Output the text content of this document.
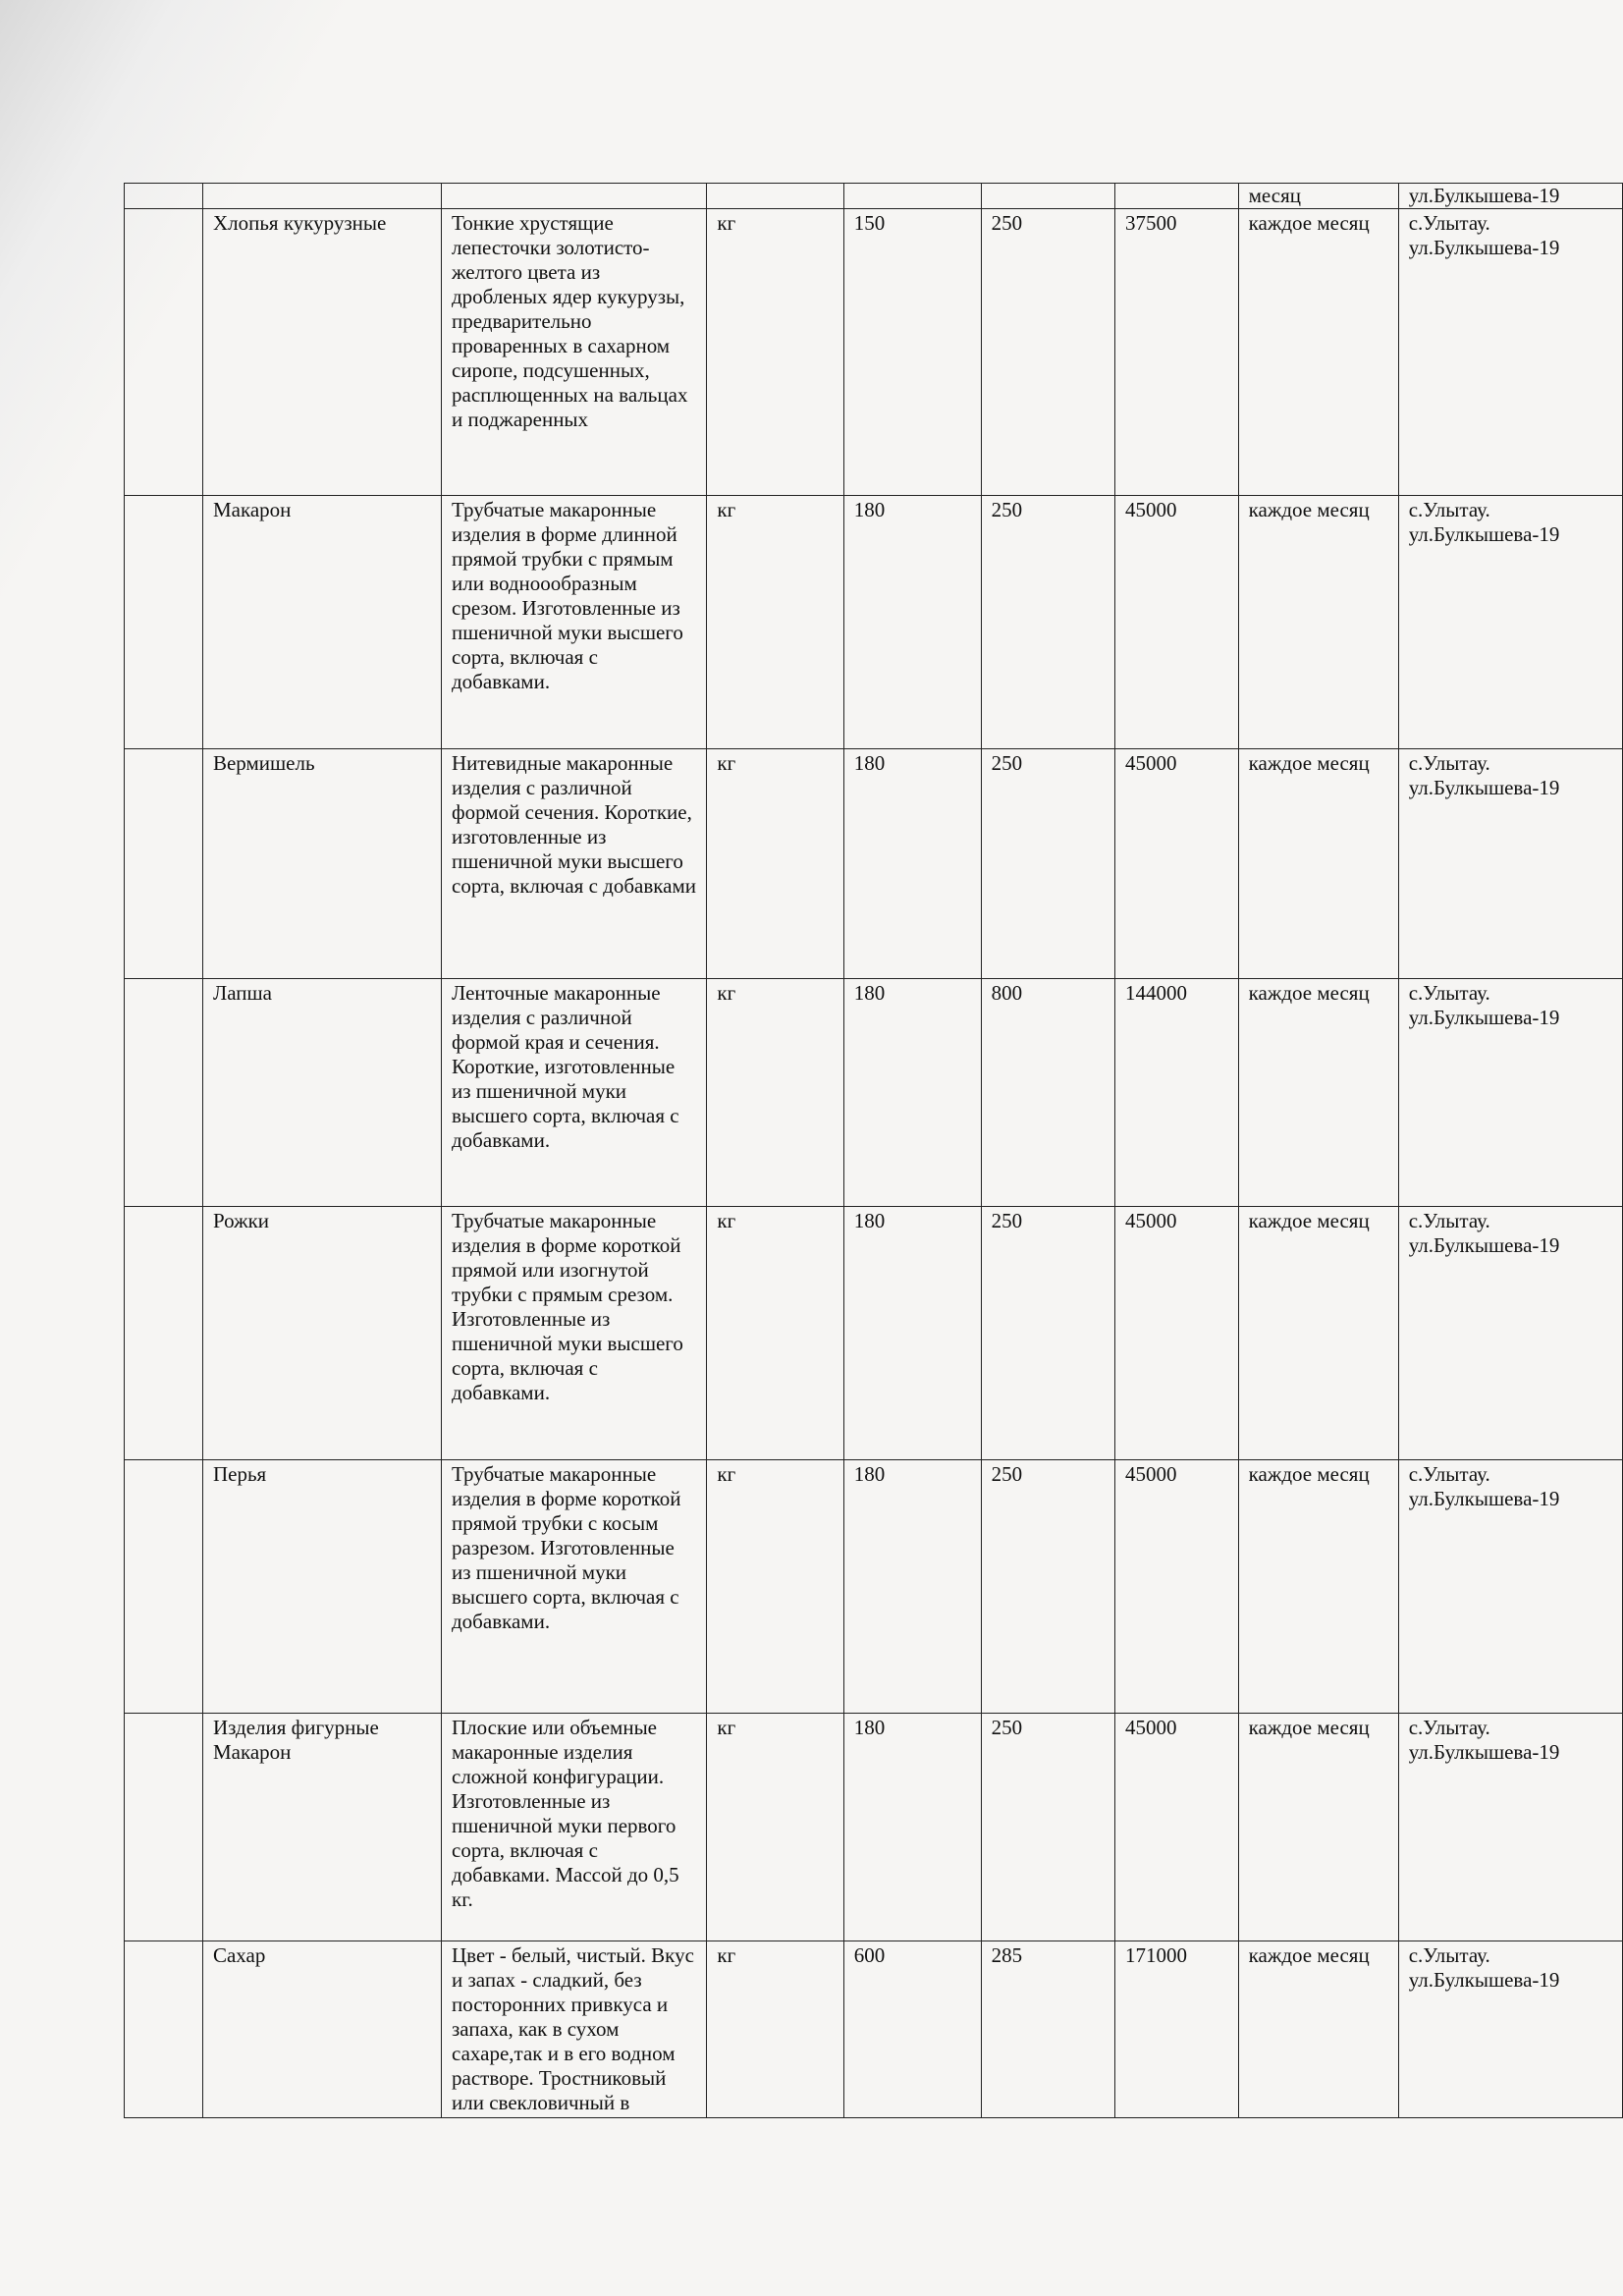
							месяц	ул.Булкышева-19
	Хлопья кукурузные	Тонкие хрустящие лепесточки золотисто-желтого цвета из дробленых ядер кукурузы, предварительно проваренных в сахарном сиропе, подсушенных, расплющенных на вальцах и поджаренных	кг	150	250	37500	каждое месяц	с.Улытау. ул.Булкышева-19
	Макарон	Трубчатые макаронные изделия в форме длинной прямой трубки с прямым или водноообразным срезом. Изготовленные из пшеничной муки высшего сорта, включая с добавками.	кг	180	250	45000	каждое месяц	с.Улытау. ул.Булкышева-19
	Вермишель	Нитевидные макаронные изделия с различной формой сечения. Короткие, изготовленные из пшеничной муки высшего сорта, включая с добавками	кг	180	250	45000	каждое месяц	с.Улытау. ул.Булкышева-19
	Лапша	Ленточные макаронные изделия с различной формой края и сечения. Короткие, изготовленные из пшеничной муки высшего сорта, включая с добавками.	кг	180	800	144000	каждое месяц	с.Улытау. ул.Булкышева-19
	Рожки	Трубчатые макаронные изделия в форме короткой прямой или изогнутой трубки с прямым срезом. Изготовленные из пшеничной муки высшего сорта, включая с добавками.	кг	180	250	45000	каждое месяц	с.Улытау. ул.Булкышева-19
	Перья	Трубчатые макаронные изделия в форме короткой прямой трубки с косым разрезом. Изготовленные из пшеничной муки высшего сорта, включая с добавками.	кг	180	250	45000	каждое месяц	с.Улытау. ул.Булкышева-19
	Изделия фигурные Макарон	Плоские или объемные макаронные изделия сложной конфигурации. Изготовленные из пшеничной муки первого сорта, включая с добавками. Массой до 0,5 кг.	кг	180	250	45000	каждое месяц	с.Улытау. ул.Булкышева-19
	Сахар	Цвет - белый, чистый. Вкус и запах - сладкий, без посторонних привкуса и запаха, как в сухом сахаре,так и в его водном растворе. Тростниковый или свекловичный в	кг	600	285	171000	каждое месяц	с.Улытау. ул.Булкышева-19
